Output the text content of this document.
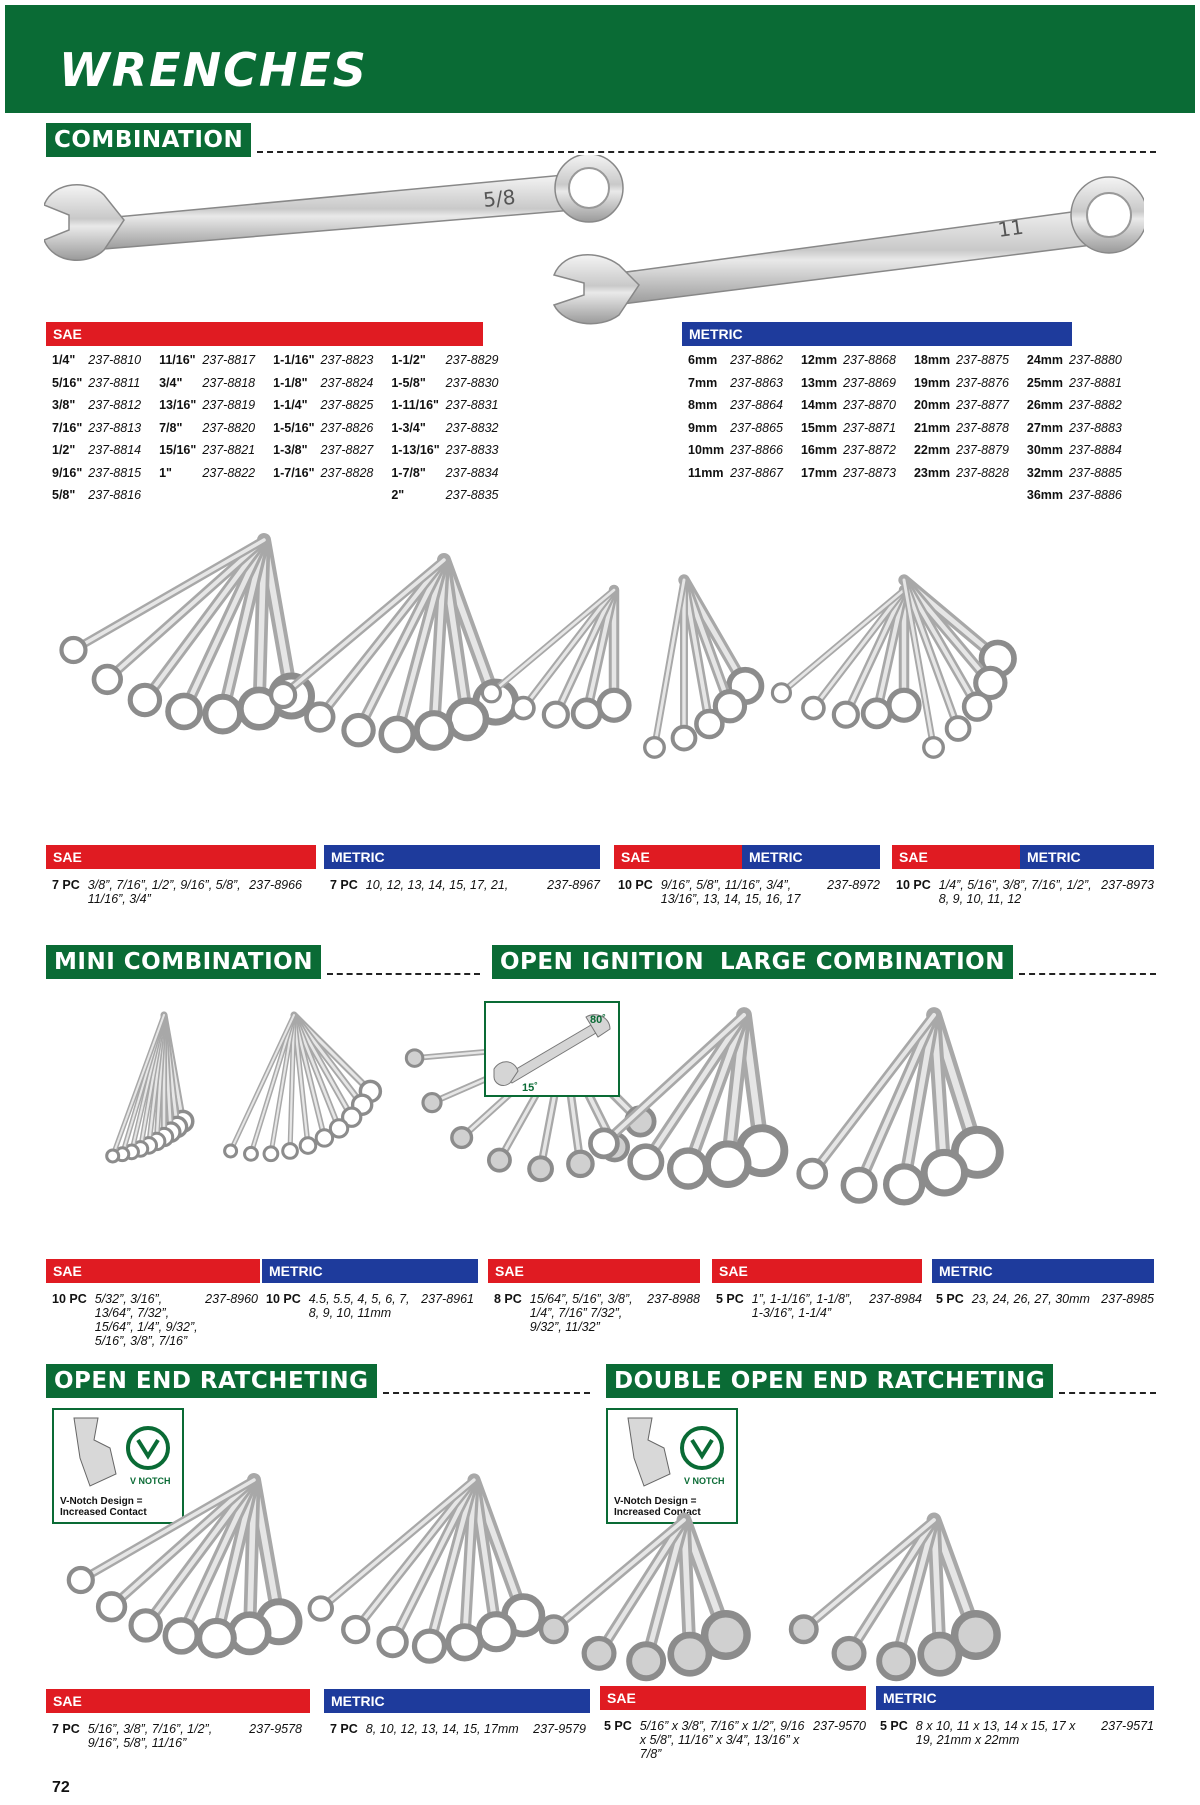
WRENCHES
COMBINATION
5/8
11
SAE
1/4"	237-8810	11/16"	237-8817	1-1/16"	237-8823	1-1/2"	237-8829
5/16"	237-8811	3/4"	237-8818	1-1/8"	237-8824	1-5/8"	237-8830
3/8"	237-8812	13/16"	237-8819	1-1/4"	237-8825	1-11/16"	237-8831
7/16"	237-8813	7/8"	237-8820	1-5/16"	237-8826	1-3/4"	237-8832
1/2"	237-8814	15/16"	237-8821	1-3/8"	237-8827	1-13/16"	237-8833
9/16"	237-8815	1"	237-8822	1-7/16"	237-8828	1-7/8"	237-8834
5/8"	237-8816					2"	237-8835
METRIC
6mm	237-8862	12mm	237-8868	18mm	237-8875	24mm	237-8880
7mm	237-8863	13mm	237-8869	19mm	237-8876	25mm	237-8881
8mm	237-8864	14mm	237-8870	20mm	237-8877	26mm	237-8882
9mm	237-8865	15mm	237-8871	21mm	237-8878	27mm	237-8883
10mm	237-8866	16mm	237-8872	22mm	237-8879	30mm	237-8884
11mm	237-8867	17mm	237-8873	23mm	237-8828	32mm	237-8885
						36mm	237-8886
SAE
7 PC 3/8”, 7/16”, 1/2”, 9/16”, 5/8”, 11/16”, 3/4”
237-8966
METRIC
7 PC 10, 12, 13, 14, 15, 17, 21,	237-8967
SAE	METRIC
10 PC 9/16”, 5/8”, 11/16”, 3/4”, 13/16”, 13, 14, 15, 16, 17
237-8972
SAE	METRIC
10 PC 1/4”, 5/16”, 3/8”, 7/16”, 1/2”, 8, 9, 10, 11, 12
237-8973
MINI COMBINATION	OPEN IGNITION LARGE COMBINATION
80˚
15˚
SAE
10 PC 5/32”, 3/16”, 13/64”, 7/32”, 15/64”, 1/4”, 9/32”, 5/16”, 3/8”, 7/16”
237-8960
METRIC
10 PC 4.5, 5.5, 4, 5, 6, 7, 8, 9, 10, 11mm
237-8961
SAE
8 PC 15/64”, 5/16”, 3/8”, 1/4”, 7/16” 7/32”, 9/32”, 11/32”
237-8988
SAE
5 PC 1”, 1-1/16”, 1-1/8”, 1-3/16”, 1-1/4”
237-8984
METRIC
5 PC 23, 24, 26, 27, 30mm 237-8985
OPEN END RATCHETING	DOUBLE OPEN END RATCHETING
V NOTCH
V-Notch Design =
Increased Contact
V NOTCH
V-Notch Design =
Increased Contact
SAE
7 PC 5/16”, 3/8”, 7/16”, 1/2”, 9/16”, 5/8”, 11/16”
237-9578
METRIC
7 PC 8, 10, 12, 13, 14, 15, 17mm	237-9579
SAE
5 PC 5/16” x 3/8”, 7/16” x 1/2”, 9/16 x 5/8”, 11/16” x 3/4”, 13/16” x 7/8”
237-9570
METRIC
5 PC 8 x 10, 11 x 13, 14 x 15, 17 x 19, 21mm x 22mm
237-9571
72
